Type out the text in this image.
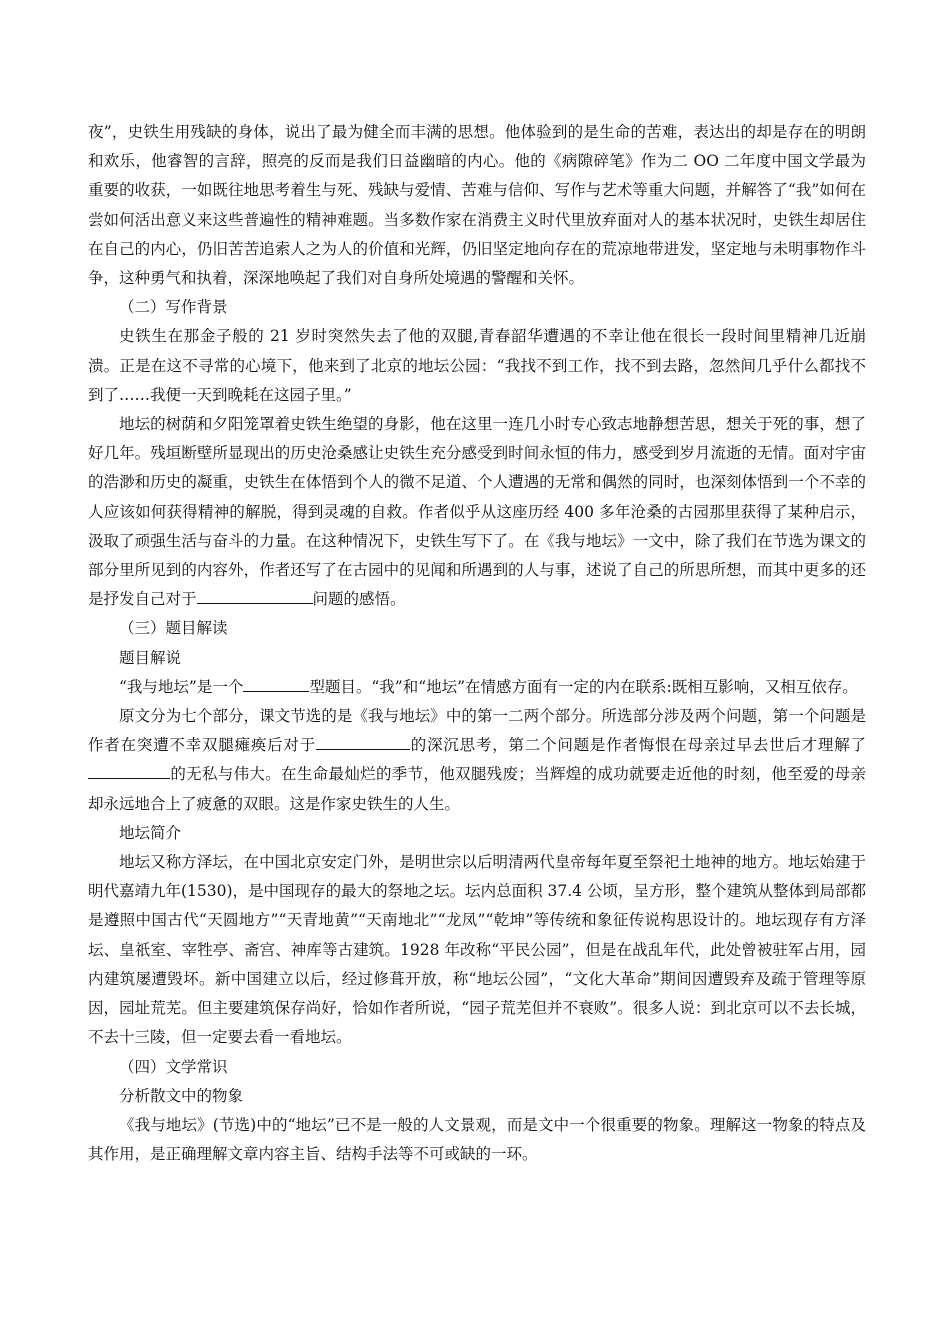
夜”，史铁生用残缺的身体，说出了最为健全而丰满的思想。他体验到的是生命的苦难，表达出的却是存在的明朗和欢乐，他睿智的言辞，照亮的反而是我们日益幽暗的内心。他的《病隙碎笔》作为二 OO 二年度中国文学最为重要的收获，一如既往地思考着生与死、残缺与爱情、苦难与信仰、写作与艺术等重大问题，并解答了“我”如何在尝如何活出意义来这些普遍性的精神难题。当多数作家在消费主义时代里放弃面对人的基本状况时，史铁生却居住在自己的内心，仍旧苦苦追索人之为人的价值和光辉，仍旧坚定地向存在的荒凉地带进发，坚定地与未明事物作斗争，这种勇气和执着，深深地唤起了我们对自身所处境遇的警醒和关怀。

（二）写作背景

史铁生在那金子般的 21 岁时突然失去了他的双腿,青春韶华遭遇的不幸让他在很长一段时间里精神几近崩溃。正是在这不寻常的心境下，他来到了北京的地坛公园：“我找不到工作，找不到去路，忽然间几乎什么都找不到了……我便一天到晚耗在这园子里。”

地坛的树荫和夕阳笼罩着史铁生绝望的身影，他在这里一连几小时专心致志地静想苦思，想关于死的事，想了好几年。残垣断壁所显现出的历史沧桑感让史铁生充分感受到时间永恒的伟力，感受到岁月流逝的无情。面对宇宙的浩渺和历史的凝重，史铁生在体悟到个人的微不足道、个人遭遇的无常和偶然的同时，也深刻体悟到一个不幸的人应该如何获得精神的解脱，得到灵魂的自救。作者似乎从这座历经 400 多年沧桑的古园那里获得了某种启示，汲取了顽强生活与奋斗的力量。在这种情况下，史铁生写下了。在《我与地坛》一文中，除了我们在节选为课文的部分里所见到的内容外，作者还写了在古园中的见闻和所遇到的人与事，述说了自己的所思所想，而其中更多的还是抒发自己对于	问题的感悟。

（三）题目解读

题目解说

“我与地坛”是一个	型题目。“我”和“地坛”在情感方面有一定的内在联系:既相互影响，又相互依存。

原文分为七个部分，课文节选的是《我与地坛》中的第一二两个部分。所选部分涉及两个问题，第一个问题是作者在突遭不幸双腿瘫痪后对于	的深沉思考，第二个问题是作者悔恨在母亲过早去世后才理解了的无私与伟大。在生命最灿烂的季节，他双腿残废；当辉煌的成功就要走近他的时刻，他至爱的母亲却永远地合上了疲惫的双眼。这是作家史铁生的人生。

地坛简介

地坛又称方泽坛，在中国北京安定门外，是明世宗以后明清两代皇帝每年夏至祭祀土地神的地方。地坛始建于明代嘉靖九年(1530)，是中国现存的最大的祭地之坛。坛内总面积 37.4 公顷，呈方形，整个建筑从整体到局部都是遵照中国古代“天圆地方”“天青地黄”“天南地北”“龙凤”“乾坤”等传统和象征传说构思设计的。地坛现存有方泽坛、皇祇室、宰牲亭、斋宫、神库等古建筑。1928 年改称“平民公园”，但是在战乱年代，此处曾被驻军占用，园内建筑屡遭毁坏。新中国建立以后，经过修葺开放，称“地坛公园”，“文化大革命”期间因遭毁弃及疏于管理等原因，园址荒芜。但主要建筑保存尚好，恰如作者所说，“园子荒芜但并不衰败”。很多人说：到北京可以不去长城，不去十三陵，但一定要去看一看地坛。

（四）文学常识

分析散文中的物象

《我与地坛》(节选)中的“地坛”已不是一般的人文景观，而是文中一个很重要的物象。理解这一物象的特点及其作用，是正确理解文章内容主旨、结构手法等不可或缺的一环。
